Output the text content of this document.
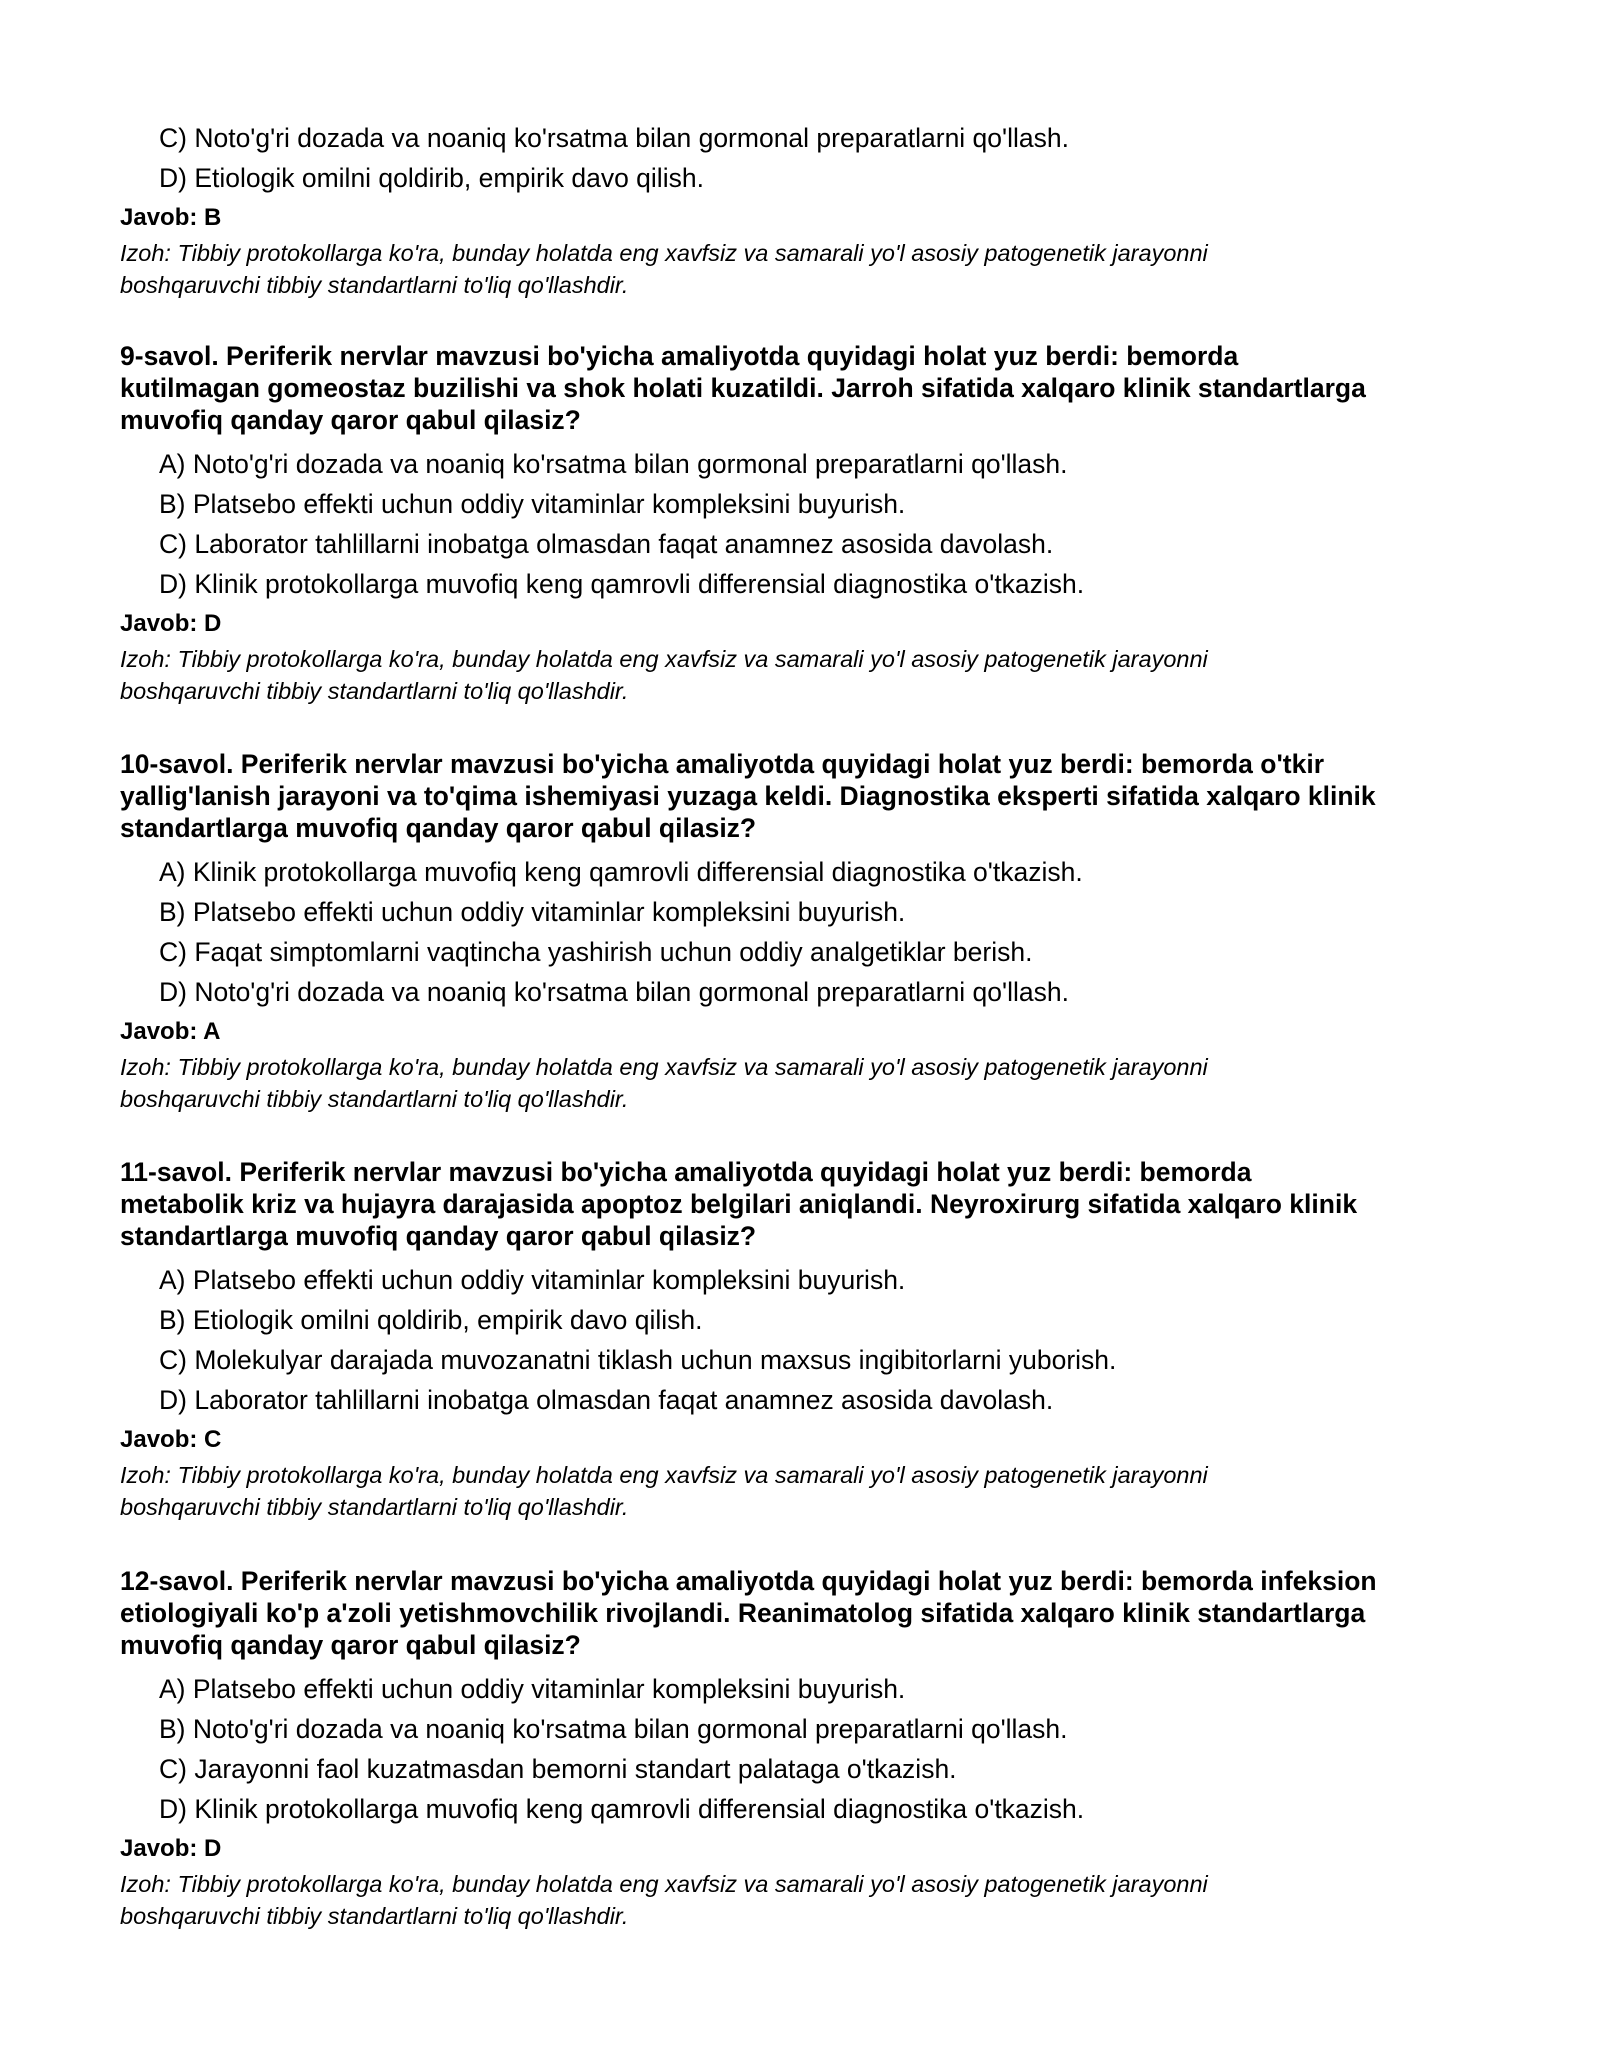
C) Noto'g'ri dozada va noaniq ko'rsatma bilan gormonal preparatlarni qo'llash.
D) Etiologik omilni qoldirib, empirik davo qilish.
Javob: B
Izoh: Tibbiy protokollarga ko'ra, bunday holatda eng xavfsiz va samarali yo'l asosiy patogenetik jarayonni
boshqaruvchi tibbiy standartlarni to'liq qo'llashdir.
9-savol. Periferik nervlar mavzusi bo'yicha amaliyotda quyidagi holat yuz berdi: bemorda
kutilmagan gomeostaz buzilishi va shok holati kuzatildi. Jarroh sifatida xalqaro klinik standartlarga
muvofiq qanday qaror qabul qilasiz?
A) Noto'g'ri dozada va noaniq ko'rsatma bilan gormonal preparatlarni qo'llash.
B) Platsebo effekti uchun oddiy vitaminlar kompleksini buyurish.
C) Laborator tahlillarni inobatga olmasdan faqat anamnez asosida davolash.
D) Klinik protokollarga muvofiq keng qamrovli differensial diagnostika o'tkazish.
Javob: D
Izoh: Tibbiy protokollarga ko'ra, bunday holatda eng xavfsiz va samarali yo'l asosiy patogenetik jarayonni
boshqaruvchi tibbiy standartlarni to'liq qo'llashdir.
10-savol. Periferik nervlar mavzusi bo'yicha amaliyotda quyidagi holat yuz berdi: bemorda o'tkir
yallig'lanish jarayoni va to'qima ishemiyasi yuzaga keldi. Diagnostika eksperti sifatida xalqaro klinik
standartlarga muvofiq qanday qaror qabul qilasiz?
A) Klinik protokollarga muvofiq keng qamrovli differensial diagnostika o'tkazish.
B) Platsebo effekti uchun oddiy vitaminlar kompleksini buyurish.
C) Faqat simptomlarni vaqtincha yashirish uchun oddiy analgetiklar berish.
D) Noto'g'ri dozada va noaniq ko'rsatma bilan gormonal preparatlarni qo'llash.
Javob: A
Izoh: Tibbiy protokollarga ko'ra, bunday holatda eng xavfsiz va samarali yo'l asosiy patogenetik jarayonni
boshqaruvchi tibbiy standartlarni to'liq qo'llashdir.
11-savol. Periferik nervlar mavzusi bo'yicha amaliyotda quyidagi holat yuz berdi: bemorda
metabolik kriz va hujayra darajasida apoptoz belgilari aniqlandi. Neyroxirurg sifatida xalqaro klinik
standartlarga muvofiq qanday qaror qabul qilasiz?
A) Platsebo effekti uchun oddiy vitaminlar kompleksini buyurish.
B) Etiologik omilni qoldirib, empirik davo qilish.
C) Molekulyar darajada muvozanatni tiklash uchun maxsus ingibitorlarni yuborish.
D) Laborator tahlillarni inobatga olmasdan faqat anamnez asosida davolash.
Javob: C
Izoh: Tibbiy protokollarga ko'ra, bunday holatda eng xavfsiz va samarali yo'l asosiy patogenetik jarayonni
boshqaruvchi tibbiy standartlarni to'liq qo'llashdir.
12-savol. Periferik nervlar mavzusi bo'yicha amaliyotda quyidagi holat yuz berdi: bemorda infeksion
etiologiyali ko'p a'zoli yetishmovchilik rivojlandi. Reanimatolog sifatida xalqaro klinik standartlarga
muvofiq qanday qaror qabul qilasiz?
A) Platsebo effekti uchun oddiy vitaminlar kompleksini buyurish.
B) Noto'g'ri dozada va noaniq ko'rsatma bilan gormonal preparatlarni qo'llash.
C) Jarayonni faol kuzatmasdan bemorni standart palataga o'tkazish.
D) Klinik protokollarga muvofiq keng qamrovli differensial diagnostika o'tkazish.
Javob: D
Izoh: Tibbiy protokollarga ko'ra, bunday holatda eng xavfsiz va samarali yo'l asosiy patogenetik jarayonni
boshqaruvchi tibbiy standartlarni to'liq qo'llashdir.
